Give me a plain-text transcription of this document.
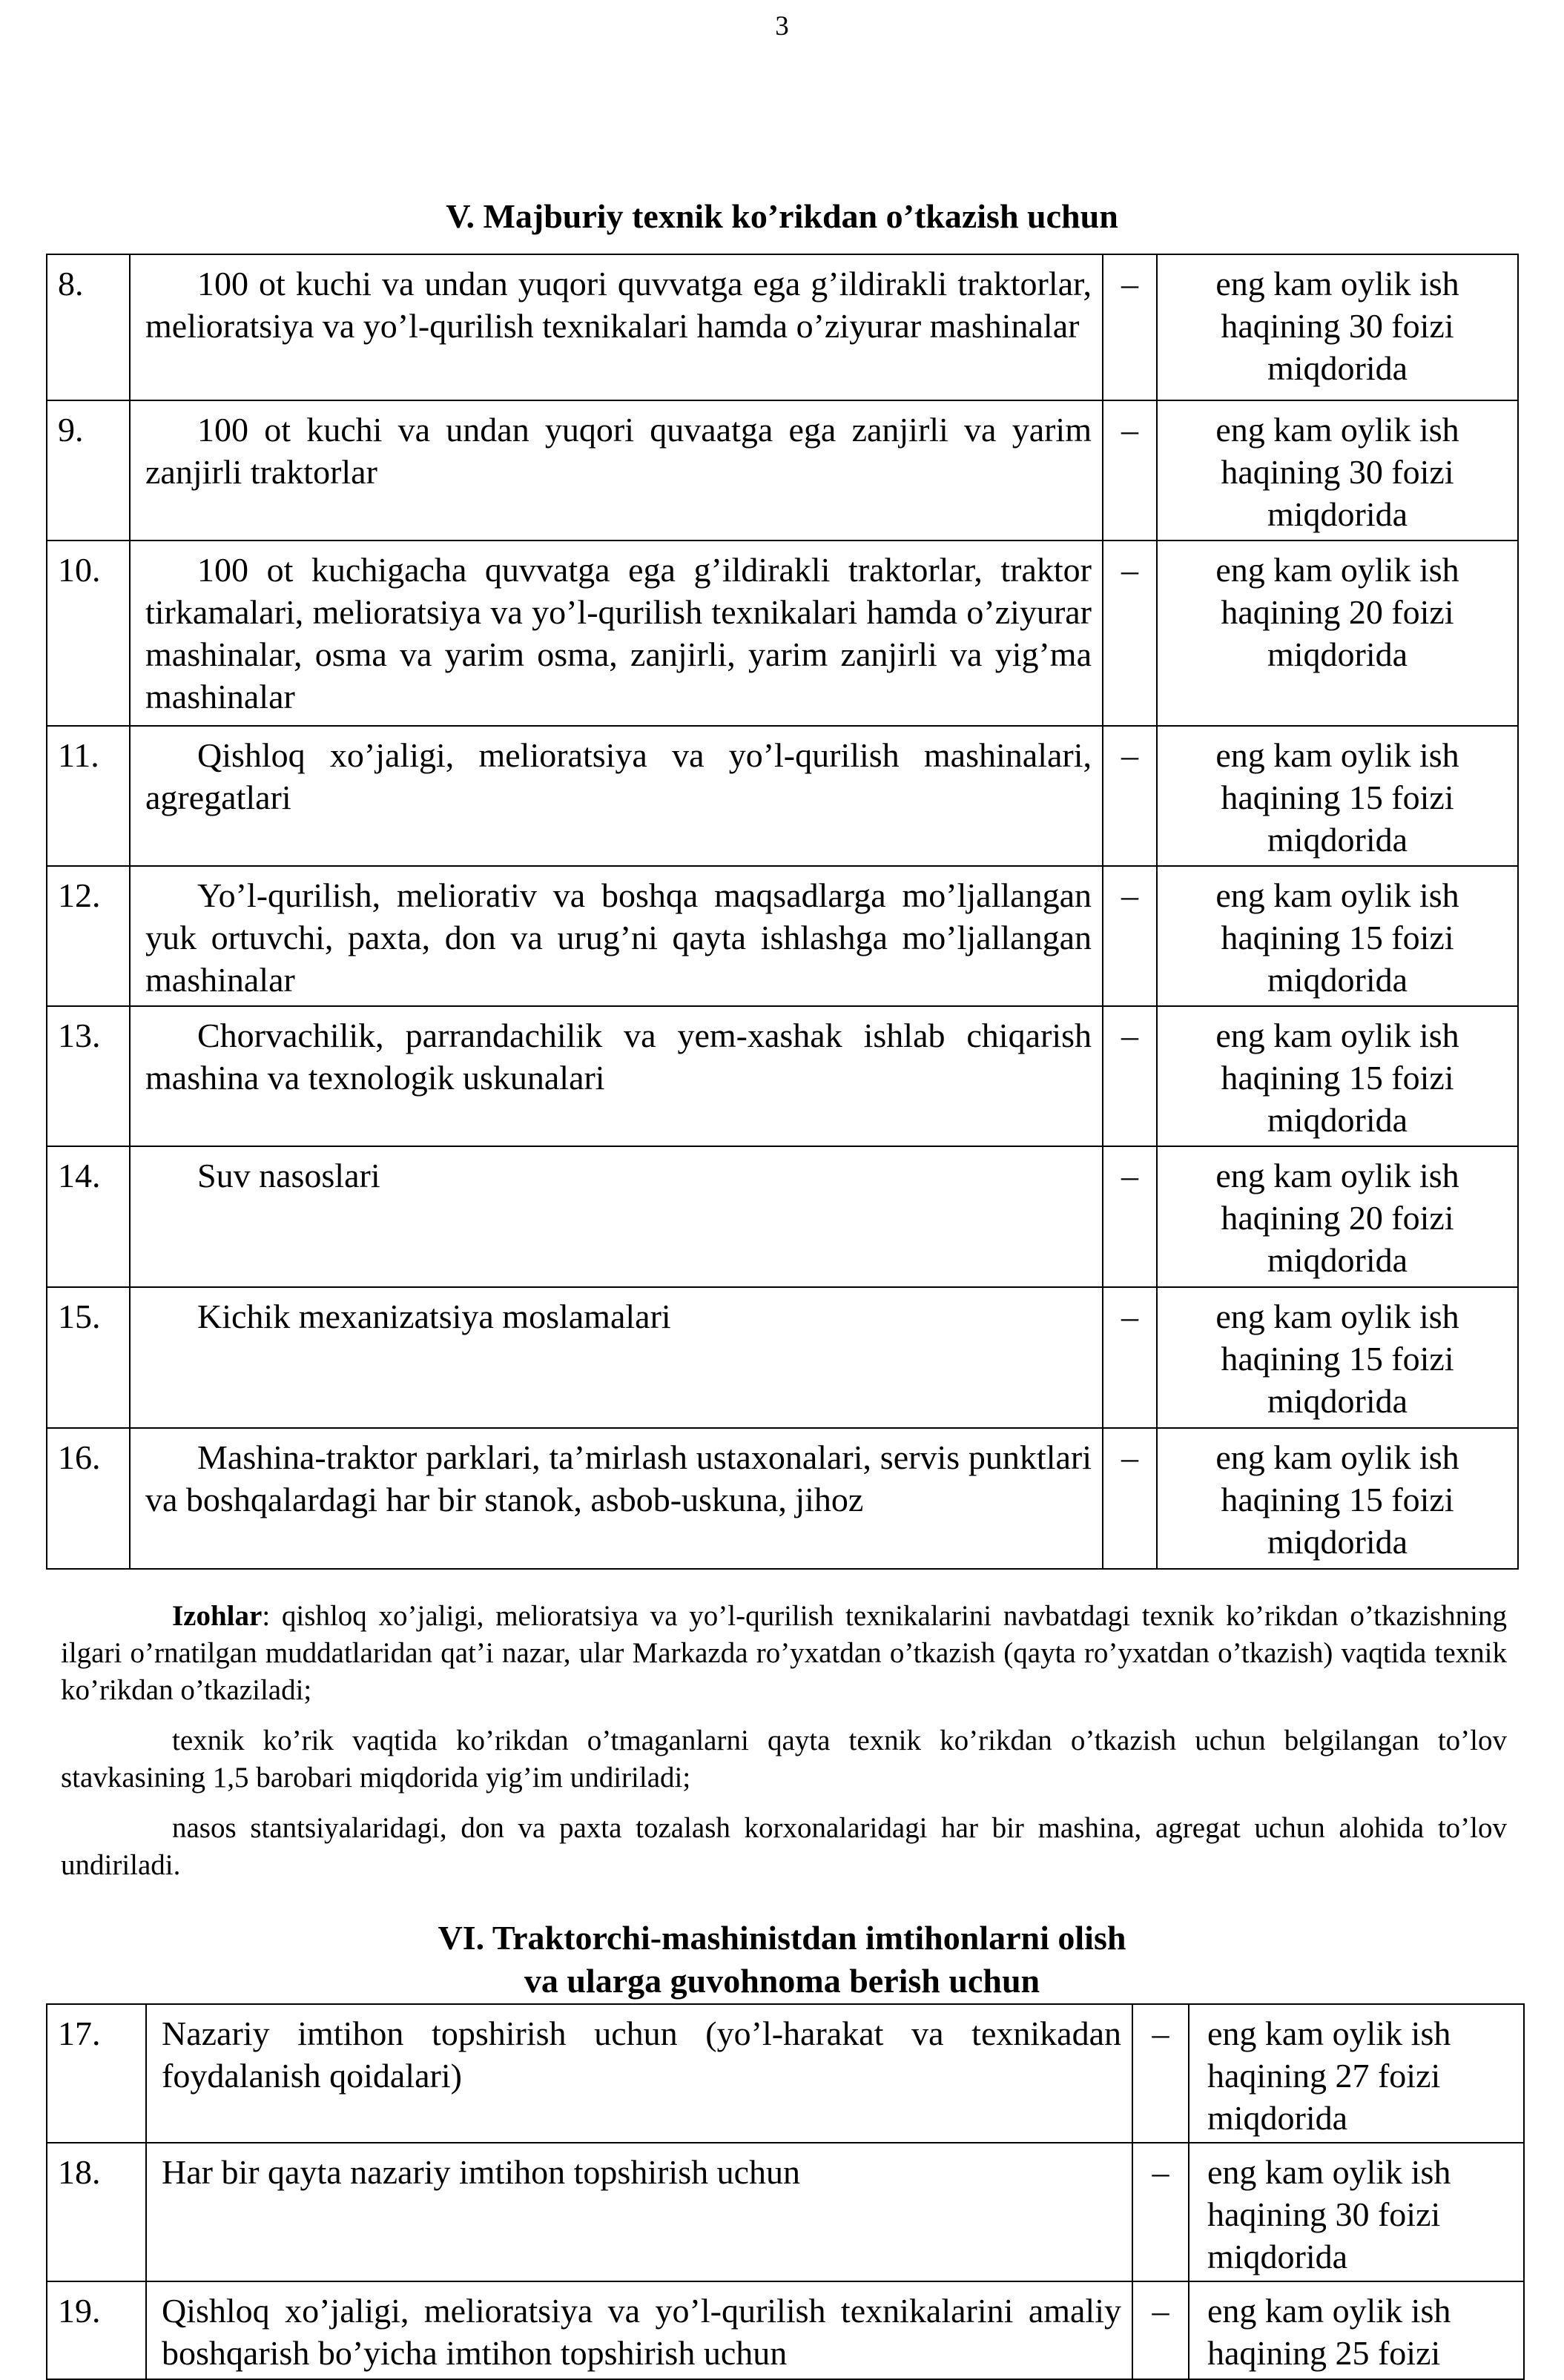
3
V. Majburiy texnik ko’rikdan o’tkazish uchun
8.	100 ot kuchi va undan yuqori quvvatga ega g’ildirakli traktorlar, melioratsiya va yo’l-qurilish texnikalari hamda o’ziyurar mashinalar	–	eng kam oylik ish haqining 30 foizi miqdorida
9.	100 ot kuchi va undan yuqori quvaatga ega zanjirli va yarim zanjirli traktorlar	–	eng kam oylik ish haqining 30 foizi miqdorida
10.	100 ot kuchigacha quvvatga ega g’ildirakli traktorlar, traktor tirkamalari, melioratsiya va yo’l-qurilish texnikalari hamda o’ziyurar mashinalar, osma va yarim osma, zanjirli, yarim zanjirli va yig’ma mashinalar	–	eng kam oylik ish haqining 20 foizi miqdorida
11.	Qishloq xo’jaligi, melioratsiya va yo’l-qurilish mashinalari, agregatlari	–	eng kam oylik ish haqining 15 foizi miqdorida
12.	Yo’l-qurilish, meliorativ va boshqa maqsadlarga mo’ljallangan yuk ortuvchi, paxta, don va urug’ni qayta ishlashga mo’ljallangan mashinalar	–	eng kam oylik ish haqining 15 foizi miqdorida
13.	Chorvachilik, parrandachilik va yem-xashak ishlab chiqarish mashina va texnologik uskunalari	–	eng kam oylik ish haqining 15 foizi miqdorida
14.	Suv nasoslari	–	eng kam oylik ish haqining 20 foizi miqdorida
15.	Kichik mexanizatsiya moslamalari	–	eng kam oylik ish haqining 15 foizi miqdorida
16.	Mashina-traktor parklari, ta’mirlash ustaxonalari, servis punktlari va boshqalardagi har bir stanok, asbob-uskuna, jihoz	–	eng kam oylik ish haqining 15 foizi miqdorida

Izohlar: qishloq xo’jaligi, melioratsiya va yo’l-qurilish texnikalarini navbatdagi texnik ko’rikdan o’tkazishning ilgari o’rnatilgan muddatlaridan qat’i nazar, ular Markazda ro’yxatdan o’tkazish (qayta ro’yxatdan o’tkazish) vaqtida texnik ko’rikdan o’tkaziladi;

texnik ko’rik vaqtida ko’rikdan o’tmaganlarni qayta texnik ko’rikdan o’tkazish uchun belgilangan to’lov stavkasining 1,5 barobari miqdorida yig’im undiriladi;

nasos stantsiyalaridagi, don va paxta tozalash korxonalaridagi har bir mashina, agregat uchun alohida to’lov undiriladi.

VI. Traktorchi-mashinistdan imtihonlarni olish
va ularga guvohnoma berish uchun
17.	Nazariy imtihon topshirish uchun (yo’l-harakat va texnikadan foydalanish qoidalari)	–	eng kam oylik ish haqining 27 foizi miqdorida
18.	Har bir qayta nazariy imtihon topshirish uchun	–	eng kam oylik ish haqining 30 foizi miqdorida
19.	Qishloq xo’jaligi, melioratsiya va yo’l-qurilish texnikalarini amaliy boshqarish bo’yicha imtihon topshirish uchun	–	eng kam oylik ish haqining 25 foizi
